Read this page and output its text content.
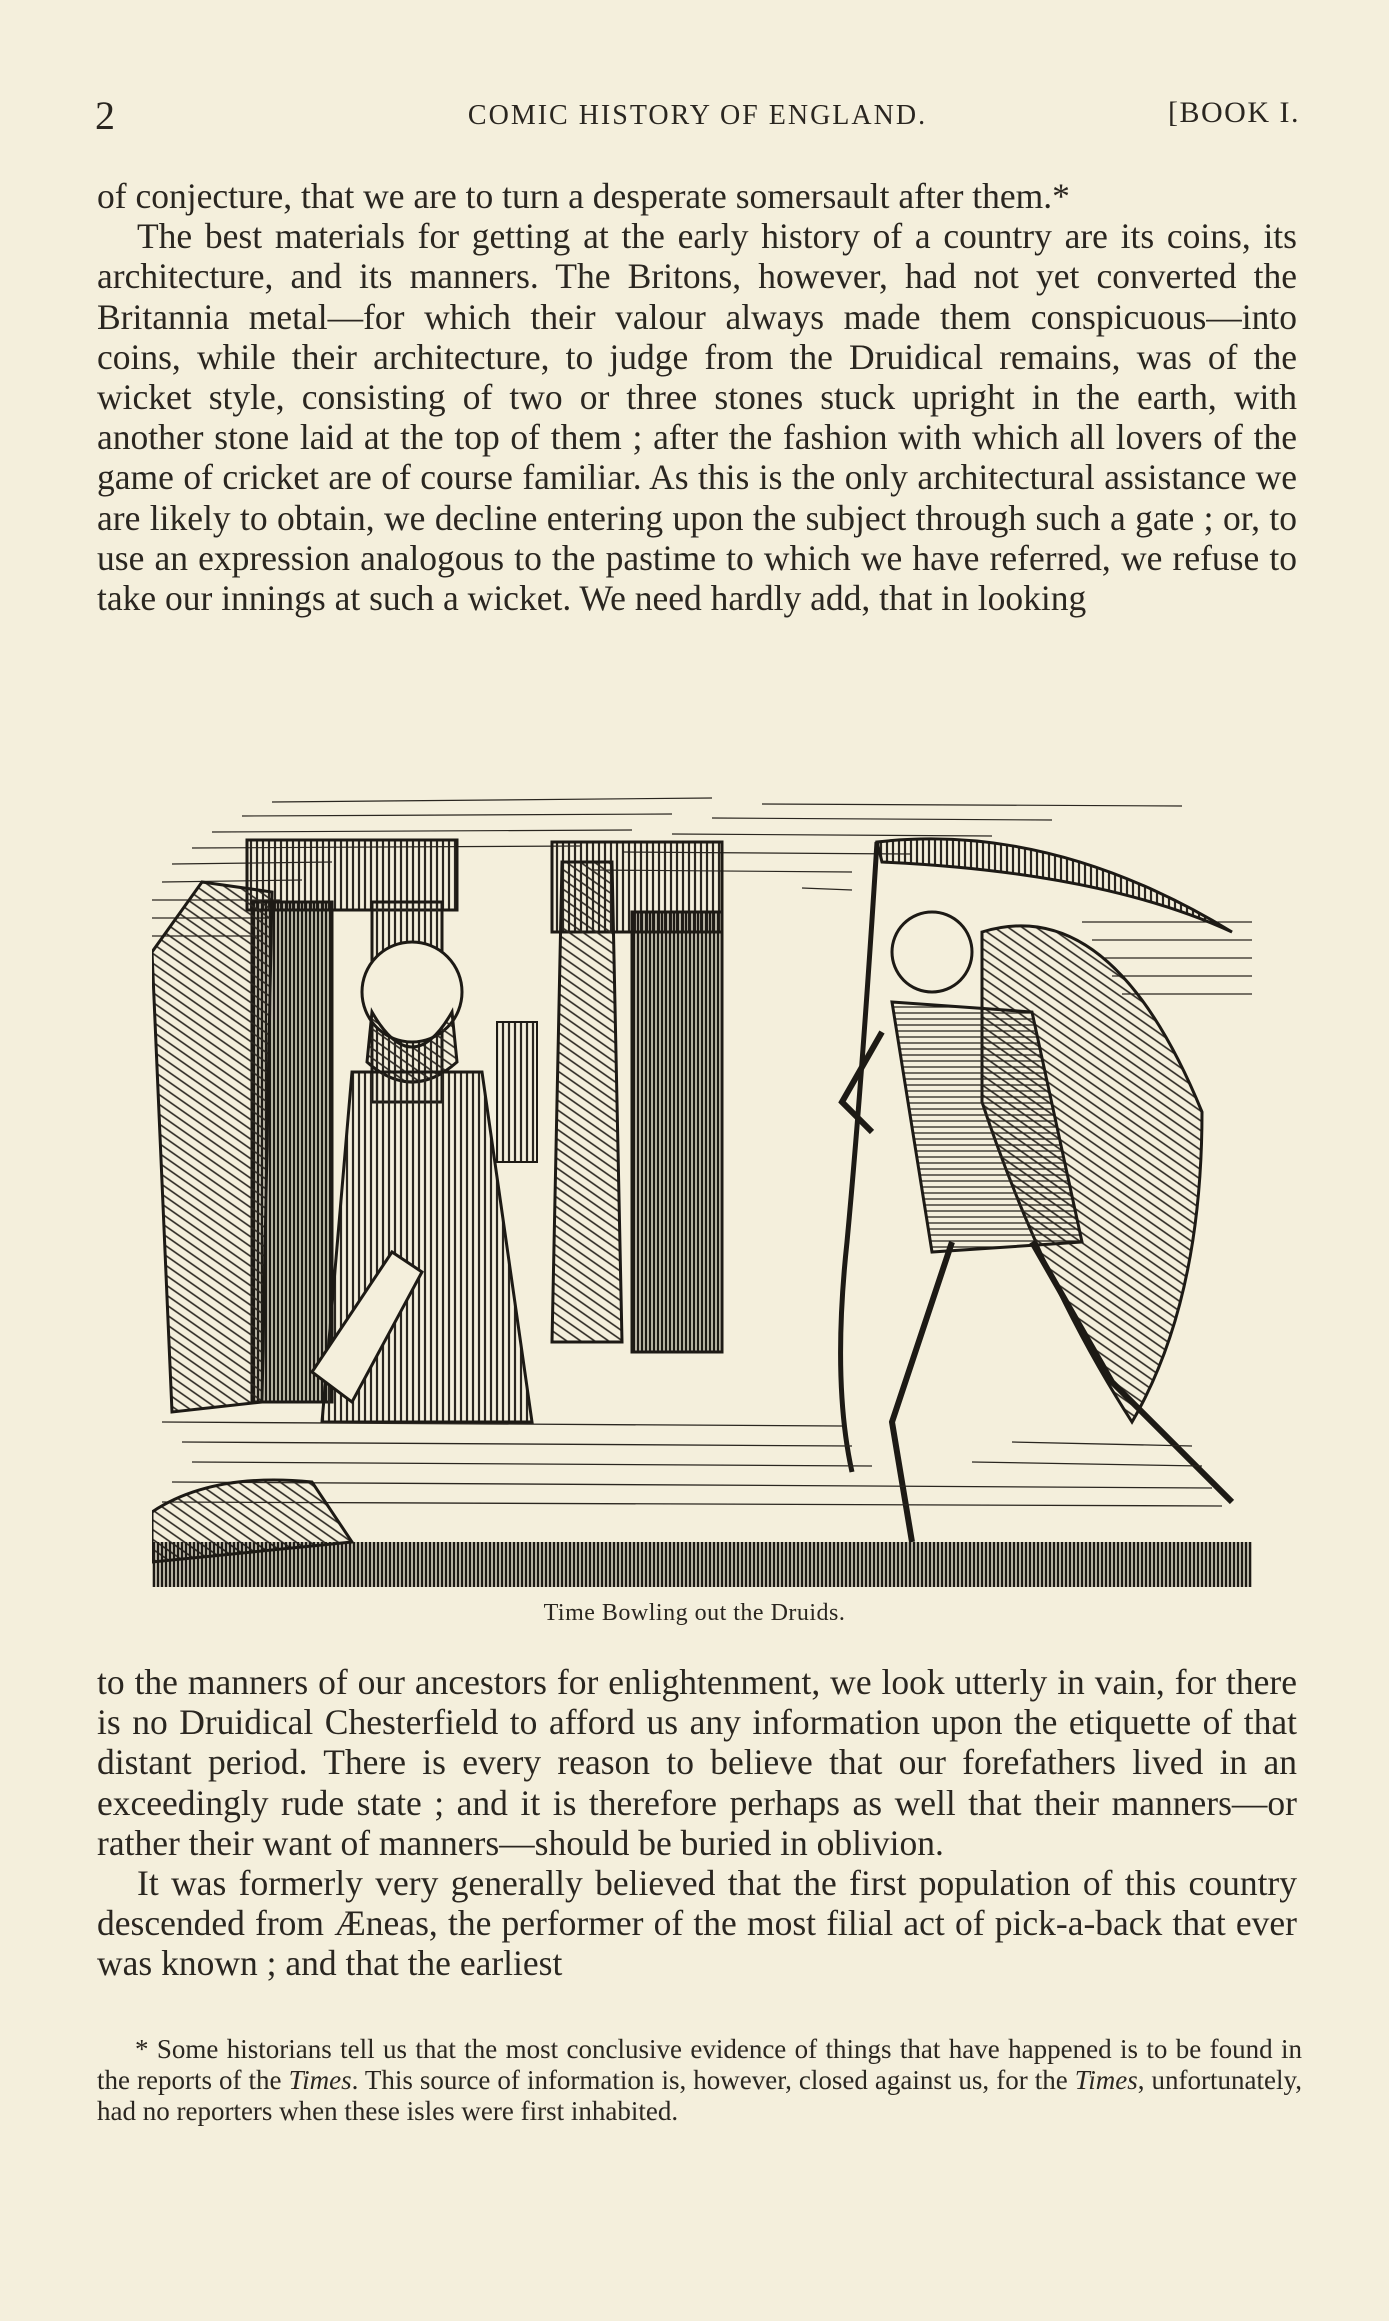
2	COMIC HISTORY OF ENGLAND.	[BOOK I.

of conjecture, that we are to turn a desperate somersault after them.*

The best materials for getting at the early history of a country are its coins, its architecture, and its manners. The Britons, however, had not yet converted the Britannia metal—for which their valour always made them conspicuous—into coins, while their architecture, to judge from the Druidical remains, was of the wicket style, consisting of two or three stones stuck upright in the earth, with another stone laid at the top of them ; after the fashion with which all lovers of the game of cricket are of course familiar. As this is the only architectural assistance we are likely to obtain, we decline entering upon the subject through such a gate ; or, to use an expression analogous to the pastime to which we have referred, we refuse to take our innings at such a wicket. We need hardly add, that in looking

Time Bowling out the Druids.

to the manners of our ancestors for enlightenment, we look utterly in vain, for there is no Druidical Chesterfield to afford us any information upon the etiquette of that distant period. There is every reason to believe that our forefathers lived in an exceedingly rude state ; and it is therefore perhaps as well that their manners—or rather their want of manners—should be buried in oblivion.

It was formerly very generally believed that the first population of this country descended from Æneas, the performer of the most filial act of pick-a-back that ever was known ; and that the earliest

* Some historians tell us that the most conclusive evidence of things that have happened is to be found in the reports of the Times. This source of information is, however, closed against us, for the Times, unfortunately, had no reporters when these isles were first inhabited.
